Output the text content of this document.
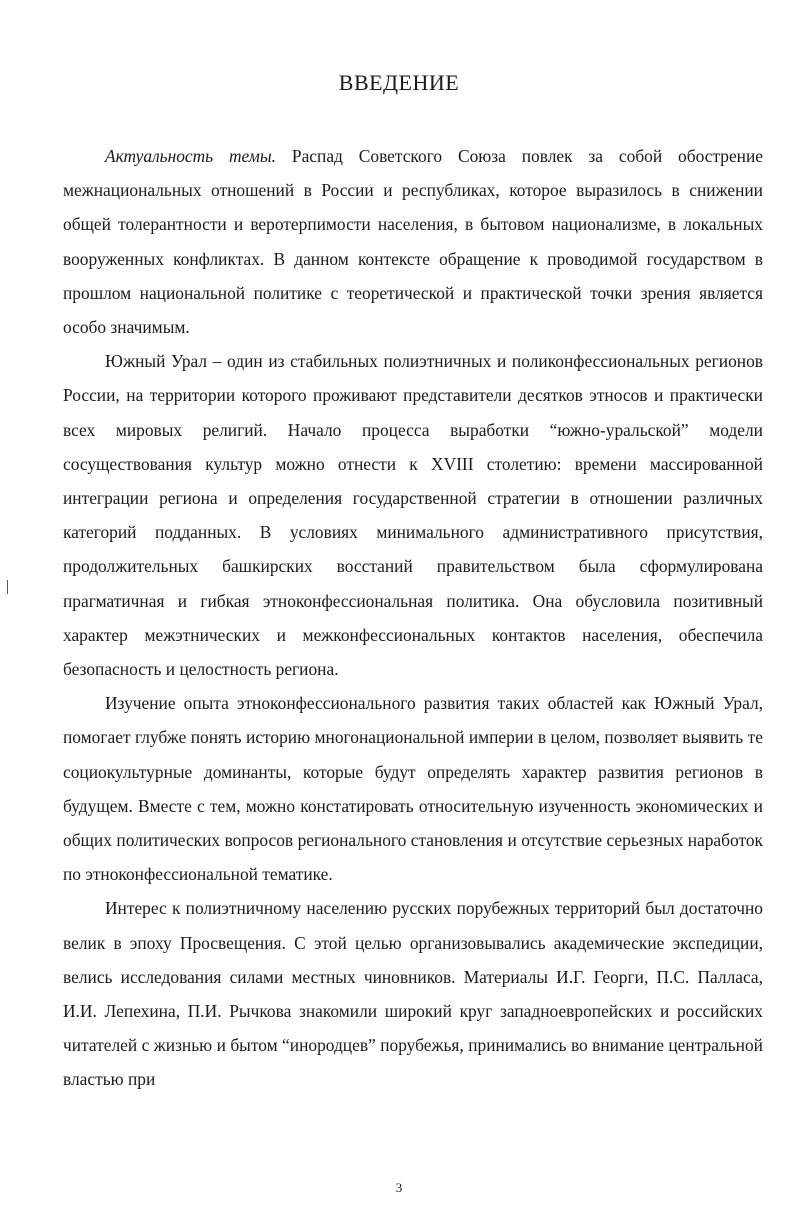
ВВЕДЕНИЕ

Актуальность темы. Распад Советского Союза повлек за собой обострение межнациональных отношений в России и республиках, которое выразилось в снижении общей толерантности и веротерпимости населения, в бытовом национализме, в локальных вооруженных конфликтах. В данном контексте обращение к проводимой государством в прошлом национальной политике с теоретической и практической точки зрения является особо значимым.

Южный Урал – один из стабильных полиэтничных и поликонфессиональных регионов России, на территории которого проживают представители десятков этносов и практически всех мировых религий. Начало процесса выработки “южно-уральской” модели сосуществования культур можно отнести к XVIII столетию: времени массированной интеграции региона и определения государственной стратегии в отношении различных категорий подданных. В условиях минимального административного присутствия, продолжительных башкирских восстаний правительством была сформулирована прагматичная и гибкая этноконфессиональная политика. Она обусловила позитивный характер межэтнических и межконфессиональных контактов населения, обеспечила безопасность и целостность региона.

Изучение опыта этноконфессионального развития таких областей как Южный Урал, помогает глубже понять историю многонациональной империи в целом, позволяет выявить те социокультурные доминанты, которые будут определять характер развития регионов в будущем. Вместе с тем, можно констатировать относительную изученность экономических и общих политических вопросов регионального становления и отсутствие серьезных наработок по этноконфессиональной тематике.

Интерес к полиэтничному населению русских порубежных территорий был достаточно велик в эпоху Просвещения. С этой целью организовывались академические экспедиции, велись исследования силами местных чиновников. Материалы И.Г. Георги, П.С. Палласа, И.И. Лепехина, П.И. Рычкова знакомили широкий круг западноевропейских и российских читателей с жизнью и бытом “инородцев” порубежья, принимались во внимание центральной властью при

3
